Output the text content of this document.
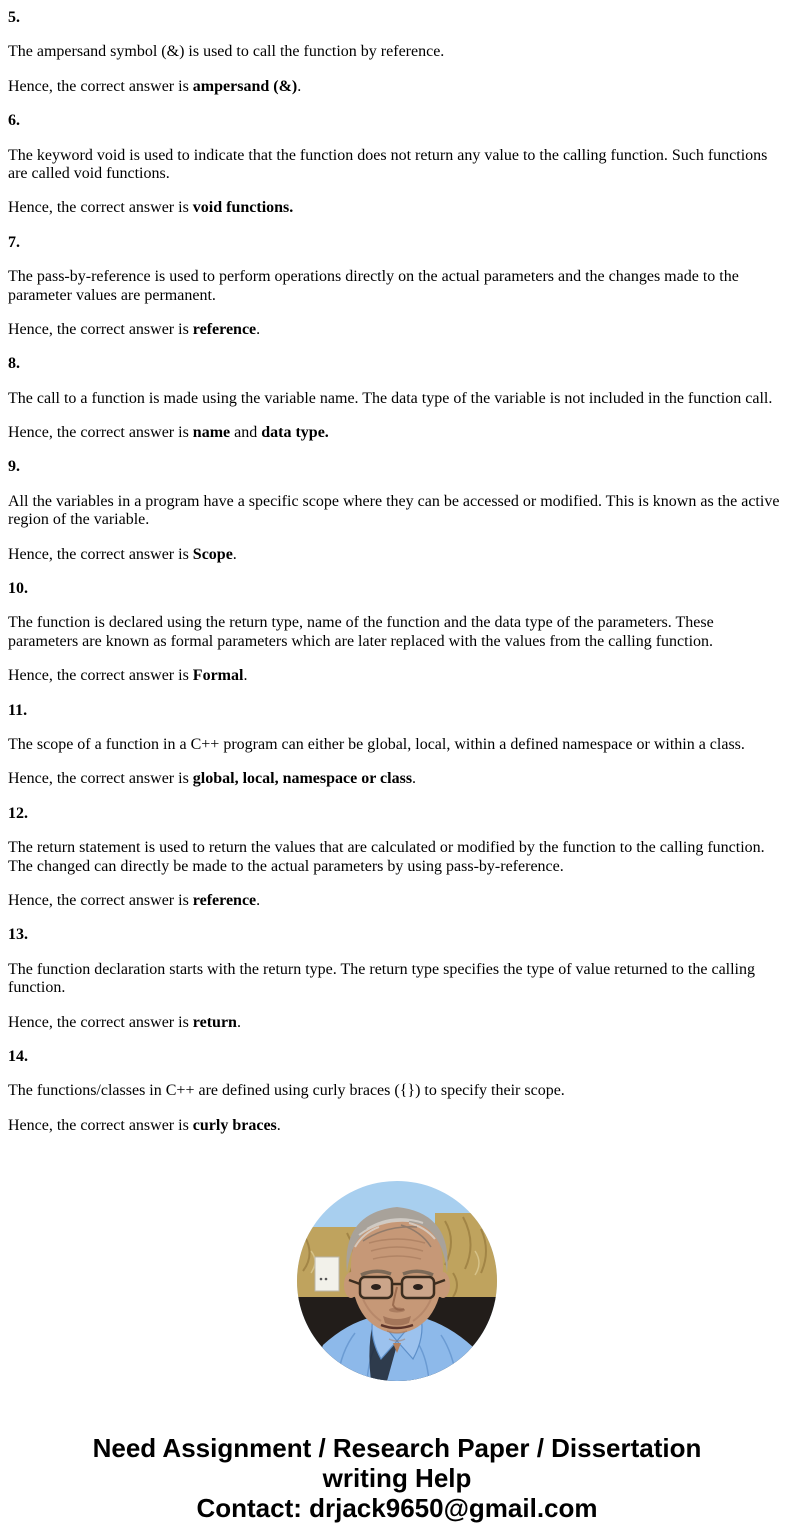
5.

The ampersand symbol (&) is used to call the function by reference.

Hence, the correct answer is ampersand (&).

6.

The keyword void is used to indicate that the function does not return any value to the calling function. Such functions are called void functions.

Hence, the correct answer is void functions.

7.

The pass-by-reference is used to perform operations directly on the actual parameters and the changes made to the parameter values are permanent.

Hence, the correct answer is reference.

8.

The call to a function is made using the variable name. The data type of the variable is not included in the function call.

Hence, the correct answer is name and data type.

9.

All the variables in a program have a specific scope where they can be accessed or modified. This is known as the active region of the variable.

Hence, the correct answer is Scope.

10.

The function is declared using the return type, name of the function and the data type of the parameters. These parameters are known as formal parameters which are later replaced with the values from the calling function.

Hence, the correct answer is Formal.

11.

The scope of a function in a C++ program can either be global, local, within a defined namespace or within a class.

Hence, the correct answer is global, local, namespace or class.

12.

The return statement is used to return the values that are calculated or modified by the function to the calling function. The changed can directly be made to the actual parameters by using pass-by-reference.

Hence, the correct answer is reference.

13.

The function declaration starts with the return type. The return type specifies the type of value returned to the calling function.

Hence, the correct answer is return.

14.

The functions/classes in C++ are defined using curly braces ({}) to specify their scope.

Hence, the correct answer is curly braces.

Need Assignment / Research Paper / Dissertation
writing Help
Contact: drjack9650@gmail.com
